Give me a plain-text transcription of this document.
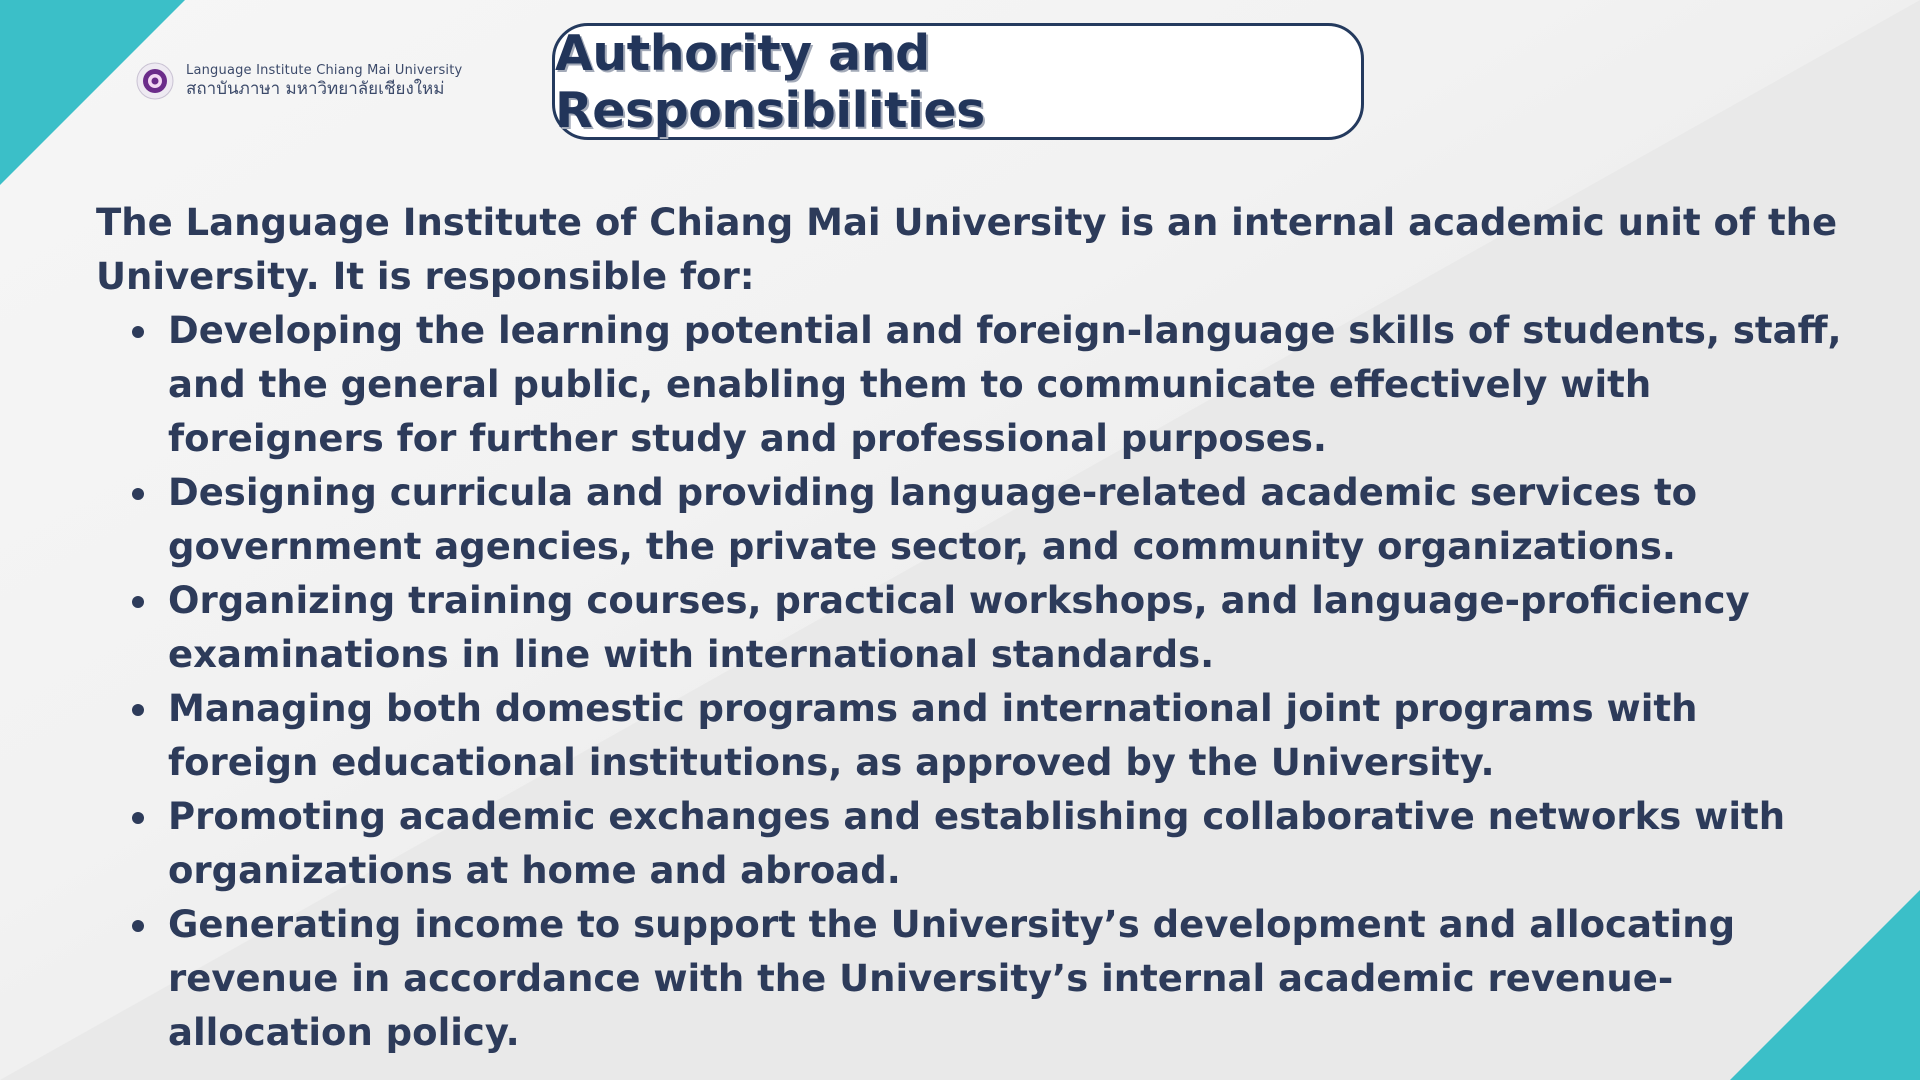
Language Institute Chiang Mai University
สถาบันภาษา มหาวิทยาลัยเชียงใหม่
Authority and Responsibilities

The Language Institute of Chiang Mai University is an internal academic unit of the University. It is responsible for:

Developing the learning potential and foreign-language skills of students, staff, and the general public, enabling them to communicate effectively with foreigners for further study and professional purposes.
Designing curricula and providing language-related academic services to government agencies, the private sector, and community organizations.
Organizing training courses, practical workshops, and language-proficiency examinations in line with international standards.
Managing both domestic programs and international joint programs with foreign educational institutions, as approved by the University.
Promoting academic exchanges and establishing collaborative networks with organizations at home and abroad.
Generating income to support the University’s development and allocating revenue in accordance with the University’s internal academic revenue-allocation policy.
